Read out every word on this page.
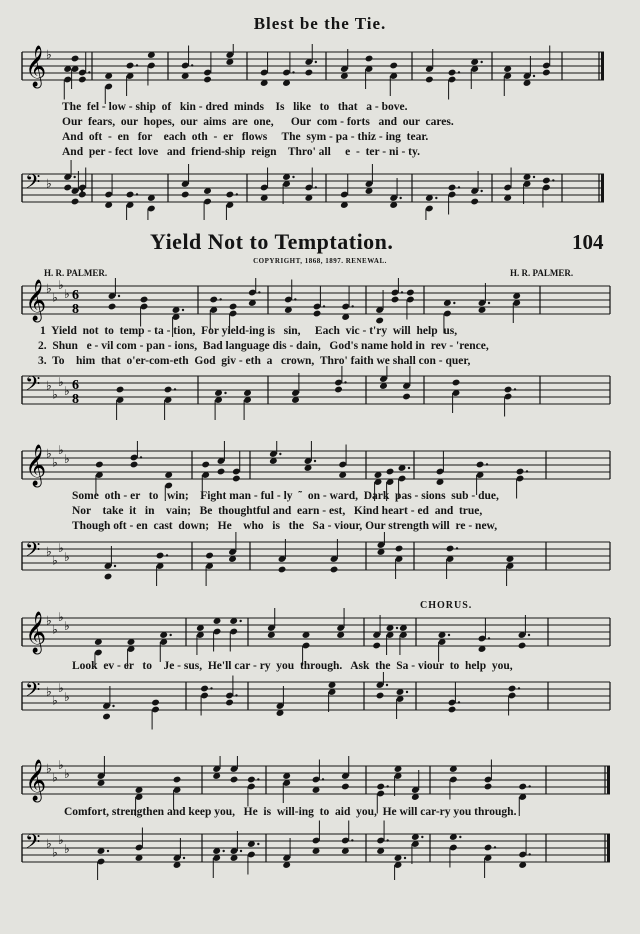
Blest be the Tie.
𝄞 ♭
The  fel - low - ship  of   kin - dred  minds    Is   like   to   that   a - bove.
Our  fears,  our  hopes,  our  aims  are  one,      Our  com - forts   and  our  cares.
And  oft  -  en   for    each  oth  -  er   flows     The  sym - pa - thiz - ing  tear.
And  per - fect  love   and  friend-ship  reign    Thro' all     e  -  ter - ni - ty.
𝄢 ♭
Yield Not to Temptation.	104
COPYRIGHT, 1868, 1897. RENEWAL.
H. R. PALMER.	H. R. PALMER.
𝄞 ♭
♭
♭
♭ 6
8
1  Yield  not  to  temp - ta - tion,  For yield-ing is   sin,     Each  vic - t'ry  will  help  us,
2.  Shun   e - vil com - pan - ions,  Bad language dis - dain,   God's name hold in  rev - 'rence,
3.  To    him  that  o'er-com-eth  God  giv - eth  a   crown,  Thro' faith we shall con - quer,
𝄢 ♭
♭
♭
♭ 6
8
𝄞 ♭
♭
♭
♭
Some  oth - er   to   win;    Fight man - ful - ly  ˜  on - ward,  Dark  pas - sions  sub - due,
Nor    take  it   in    vain;   Be  thoughtful and  earn - est,   Kind heart - ed  and  true,
Though oft - en  cast  down;   He    who   is   the   Sa - viour, Our strength will  re - new,
𝄢 ♭
♭
♭
♭
CHORUS.
𝄞 ♭
♭
♭
♭
Look  ev - er   to    Je - sus,  He'll car - ry  you  through.   Ask  the  Sa - viour  to  help  you,
𝄢 ♭
♭
♭
♭
𝄞 ♭
♭
♭
♭
Comfort, strengthen and keep you,   He  is  will-ing  to  aid  you,  He will car-ry you through.
𝄢 ♭
♭
♭
♭
